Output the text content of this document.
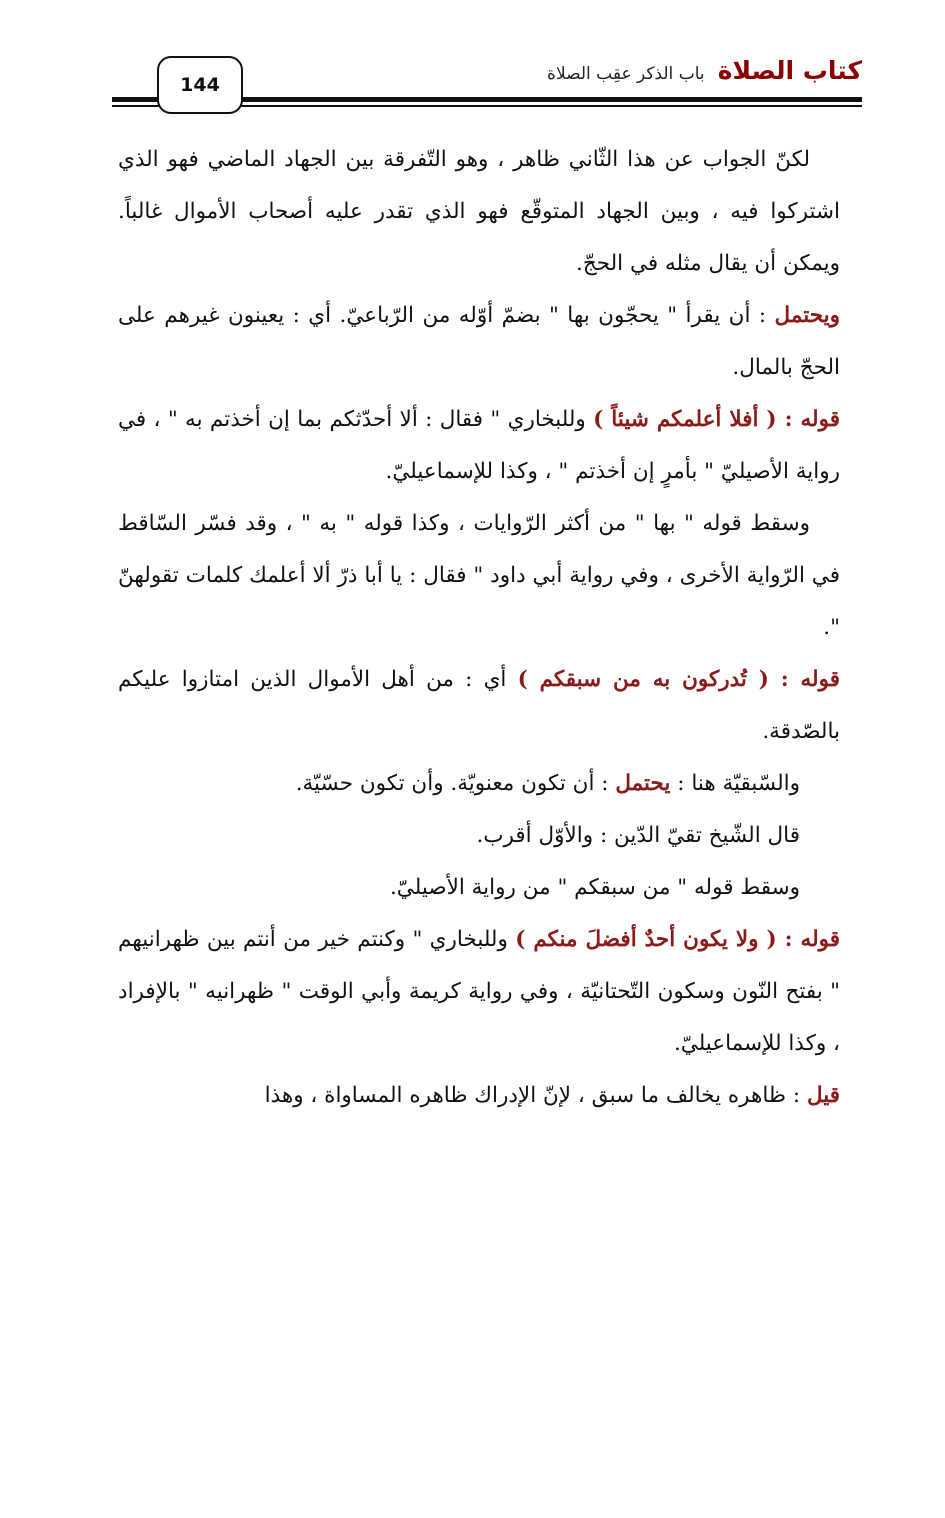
كتاب الصلاة باب الذكر عقِب الصلاة
144

لكنّ الجواب عن هذا الثّاني ظاهر ، وهو التّفرقة بين الجهاد الماضي فهو الذي اشتركوا فيه ، وبين الجهاد المتوقّع فهو الذي تقدر عليه أصحاب الأموال غالباً. ويمكن أن يقال مثله في الحجّ.

ويحتمل : أن يقرأ " يحجّون بها " بضمّ أوّله من الرّباعيّ. أي : يعينون غيرهم على الحجّ بالمال.

قوله : ( أفلا أعلمكم شيئاً ) وللبخاري " فقال : ألا أحدّثكم بما إن أخذتم به " ، في رواية الأصيليّ " بأمرٍ إن أخذتم " ، وكذا للإسماعيليّ.

وسقط قوله " بها " من أكثر الرّوايات ، وكذا قوله " به " ، وقد فسّر السّاقط في الرّواية الأخرى ، وفي رواية أبي داود " فقال : يا أبا ذرّ ألا أعلمك كلمات تقولهنّ ".

قوله : ( تُدركون به من سبقكم ) أي : من أهل الأموال الذين امتازوا عليكم بالصّدقة.

والسّبقيّة هنا : يحتمل : أن تكون معنويّة. وأن تكون حسّيّة.

قال الشّيخ تقيّ الدّين : والأوّل أقرب.

وسقط قوله " من سبقكم " من رواية الأصيليّ.

قوله : ( ولا يكون أحدٌ أفضلَ منكم ) وللبخاري " وكنتم خير من أنتم بين ظهرانيهم " بفتح النّون وسكون التّحتانيّة ، وفي رواية كريمة وأبي الوقت " ظهرانيه " بالإفراد ، وكذا للإسماعيليّ.

قيل : ظاهره يخالف ما سبق ، لإنّ الإدراك ظاهره المساواة ، وهذا
